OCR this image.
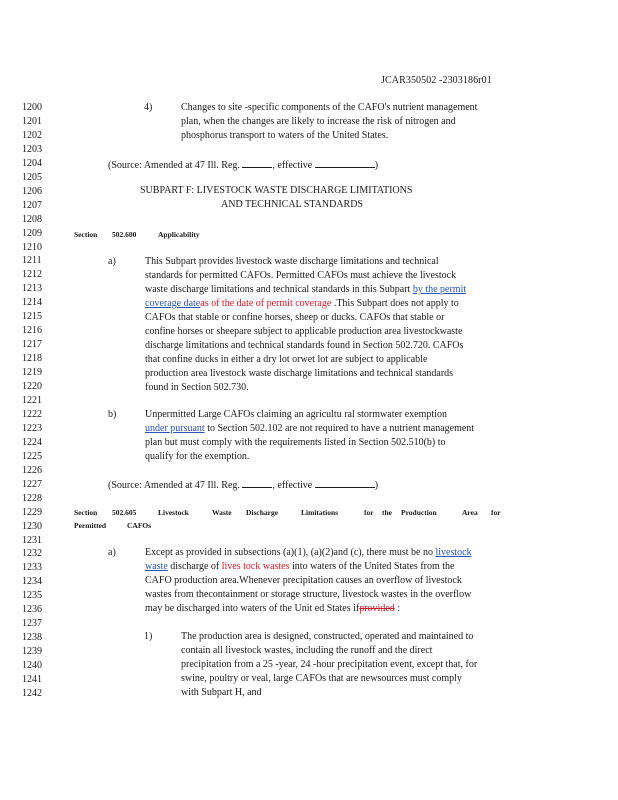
JCAR350502 -2303186r01
1200
1201
1202
1203
1204
1205
1206
1207
1208
1209
1210
1211
1212
1213
1214
1215
1216
1217
1218
1219
1220
1221
1222
1223
1224
1225
1226
1227
1228
1229
1230
1231
1232
1233
1234
1235
1236
1237
1238
1239
1240
1241
1242
4)	Changes to site -specific components of the CAFO's nutrient management
plan, when the changes are likely to increase the risk of nitrogen and
phosphorus transport to waters of the United States.
(Source: Amended at 47 Ill. Reg.	, effective	)
SUBPART F: LIVESTOCK WASTE DISCHARGE LIMITATIONS
AND TECHNICAL STANDARDS
Section 502.600	Applicability
a)	This Subpart provides livestock waste discharge limitations and technical
standards for permitted CAFOs. Permitted CAFOs must achieve the livestock
waste discharge limitations and technical standards in this Subpart by the permit
coverage dateas of the date of permit coverage .This Subpart does not apply to
CAFOs that stable or confine horses, sheep or ducks. CAFOs that stable or
confine horses or sheepare subject to applicable production area livestockwaste
discharge limitations and technical standards found in Section 502.720. CAFOs
that confine ducks in either a dry lot orwet lot are subject to applicable
production area livestock waste discharge limitations and technical standards
found in Section 502.730.
b)	Unpermitted Large CAFOs claiming an agricultu ral stormwater exemption
under pursuant to Section 502.102 are not required to have a nutrient management
plan but must comply with the requirements listed in Section 502.510(b) to
qualify for the exemption.
(Source: Amended at 47 Ill. Reg.	, effective	)
Section 502.605	Livestock	Waste Discharge	Limitations	for the Production	Area for
Permitted	CAFOs
a)	Except as provided in subsections (a)(1), (a)(2)and (c), there must be no livestock
waste discharge of lives tock wastes into waters of the United States from the
CAFO production area.Whenever precipitation causes an overflow of livestock
wastes from thecontainment or storage structure, livestock wastes in the overflow
may be discharged into waters of the Unit ed States ifprovided :
1)	The production area is designed, constructed, operated and maintained to
contain all livestock wastes, including the runoff and the direct
precipitation from a 25 -year, 24 -hour precipitation event, except that, for
swine, poultry or veal, large CAFOs that are newsources must comply
with Subpart H, and
